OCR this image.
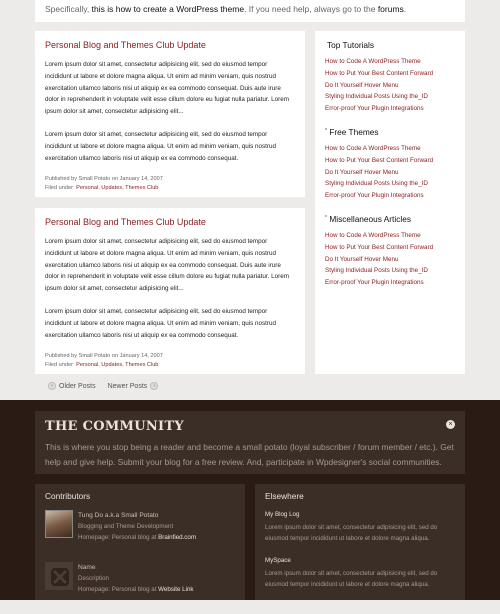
Specifically, this is how to create a WordPress theme. If you need help, always go to the forums.
Personal Blog and Themes Club Update

Lorem ipsum dolor sit amet, consectetur adipisicing elit, sed do eiusmod tempor incididunt ut labore et dolore magna aliqua. Ut enim ad minim veniam, quis nostrud exercitation ullamco laboris nisi ut aliquip ex ea commodo consequat. Duis aute irure dolor in reprehenderit in voluptate velit esse cillum dolore eu fugiat nulla pariatur. Lorem ipsum dolor sit amet, consectetur adipisicing elit...

Lorem ipsum dolor sit amet, consectetur adipisicing elit, sed do eiusmod tempor incididunt ut labore et dolore magna aliqua. Ut enim ad minim veniam, quis nostrud exercitation ullamco laboris nisi ut aliquip ex ea commodo consequat.

Published by Small Potato on January 14, 2007
Filed under: Personal, Updates, Themes Club
Personal Blog and Themes Club Update

Lorem ipsum dolor sit amet, consectetur adipisicing elit, sed do eiusmod tempor incididunt ut labore et dolore magna aliqua. Ut enim ad minim veniam, quis nostrud exercitation ullamco laboris nisi ut aliquip ex ea commodo consequat. Duis aute irure dolor in reprehenderit in voluptate velit esse cillum dolore eu fugiat nulla pariatur. Lorem ipsum dolor sit amet, consectetur adipisicing elit...

Lorem ipsum dolor sit amet, consectetur adipisicing elit, sed do eiusmod tempor incididunt ut labore et dolore magna aliqua. Ut enim ad minim veniam, quis nostrud exercitation ullamco laboris nisi ut aliquip ex ea commodo consequat.

Published by Small Potato on January 14, 2007
Filed under: Personal, Updates, Themes Club
Top Tutorials
How to Code A WordPress Theme
How to Put Your Best Content Forward
Do It Yourself Hover Menu
Styling Individual Posts Using the_ID
Error-proof Your Plugin Integrations
“ Free Themes
How to Code A WordPress Theme
How to Put Your Best Content Forward
Do It Yourself Hover Menu
Styling Individual Posts Using the_ID
Error-proof Your Plugin Integrations
“ Miscellaneous Articles
How to Code A WordPress Theme
How to Put Your Best Content Forward
Do It Yourself Hover Menu
Styling Individual Posts Using the_ID
Error-proof Your Plugin Integrations
‹ Older Posts Newer Posts	›
THE COMMUNITY

This is where you stop being a reader and become a small potato (loyal subscriber / forum member / etc.). Get help and give help. Submit your blog for a free review. And, participate in Wpdesigner's social communities.

×
Contributors
Tung Do a.k.a Small Potato
Blogging and Theme Development
Homepage: Personal blog at Brainfied.com
Name
Description
Homepage: Personal blog at Website Link
Elsewhere
My Blog Log
Lorem ipsum dolor sit amet, consectetur adipisicing elit, sed do eiusmod tempor incididunt ut labore et dolore magna aliqua.
MySpace
Lorem ipsum dolor sit amet, consectetur adipisicing elit, sed do eiusmod tempor incididunt ut labore et dolore magna aliqua.
